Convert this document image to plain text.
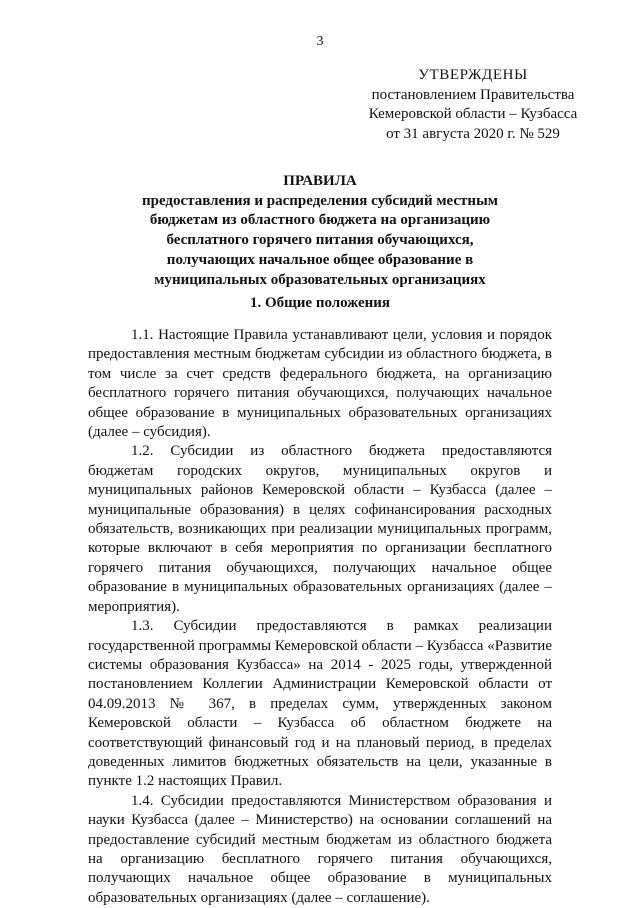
3
УТВЕРЖДЕНЫ
постановлением Правительства
Кемеровской области – Кузбасса
от 31 августа 2020 г. № 529
ПРАВИЛА
предоставления и распределения субсидий местным
бюджетам из областного бюджета на организацию
бесплатного горячего питания обучающихся,
получающих начальное общее образование в
муниципальных образовательных организациях
1. Общие положения

1.1. Настоящие Правила устанавливают цели, условия и порядок предоставления местным бюджетам субсидии из областного бюджета, в том числе за счет средств федерального бюджета, на организацию бесплатного горячего питания обучающихся, получающих начальное общее образование в муниципальных образовательных организациях (далее – субсидия).

1.2. Субсидии из областного бюджета предоставляются бюджетам городских округов, муниципальных округов и муниципальных районов Кемеровской области – Кузбасса (далее – муниципальные образования) в целях софинансирования расходных обязательств, возникающих при реализации муниципальных программ, которые включают в себя мероприятия по организации бесплатного горячего питания обучающихся, получающих начальное общее образование в муниципальных образовательных организациях (далее – мероприятия).

1.3. Субсидии предоставляются в рамках реализации государственной программы Кемеровской области – Кузбасса «Развитие системы образования Кузбасса» на 2014 - 2025 годы, утвержденной постановлением Коллегии Администрации Кемеровской области от 04.09.2013 № 367, в пределах сумм, утвержденных законом Кемеровской области – Кузбасса об областном бюджете на соответствующий финансовый год и на плановый период, в пределах доведенных лимитов бюджетных обязательств на цели, указанные в пункте 1.2 настоящих Правил.

1.4. Субсидии предоставляются Министерством образования и науки Кузбасса (далее – Министерство) на основании соглашений на предоставление субсидий местным бюджетам из областного бюджета на организацию бесплатного горячего питания обучающихся, получающих начальное общее образование в муниципальных образовательных организациях (далее – соглашение).
